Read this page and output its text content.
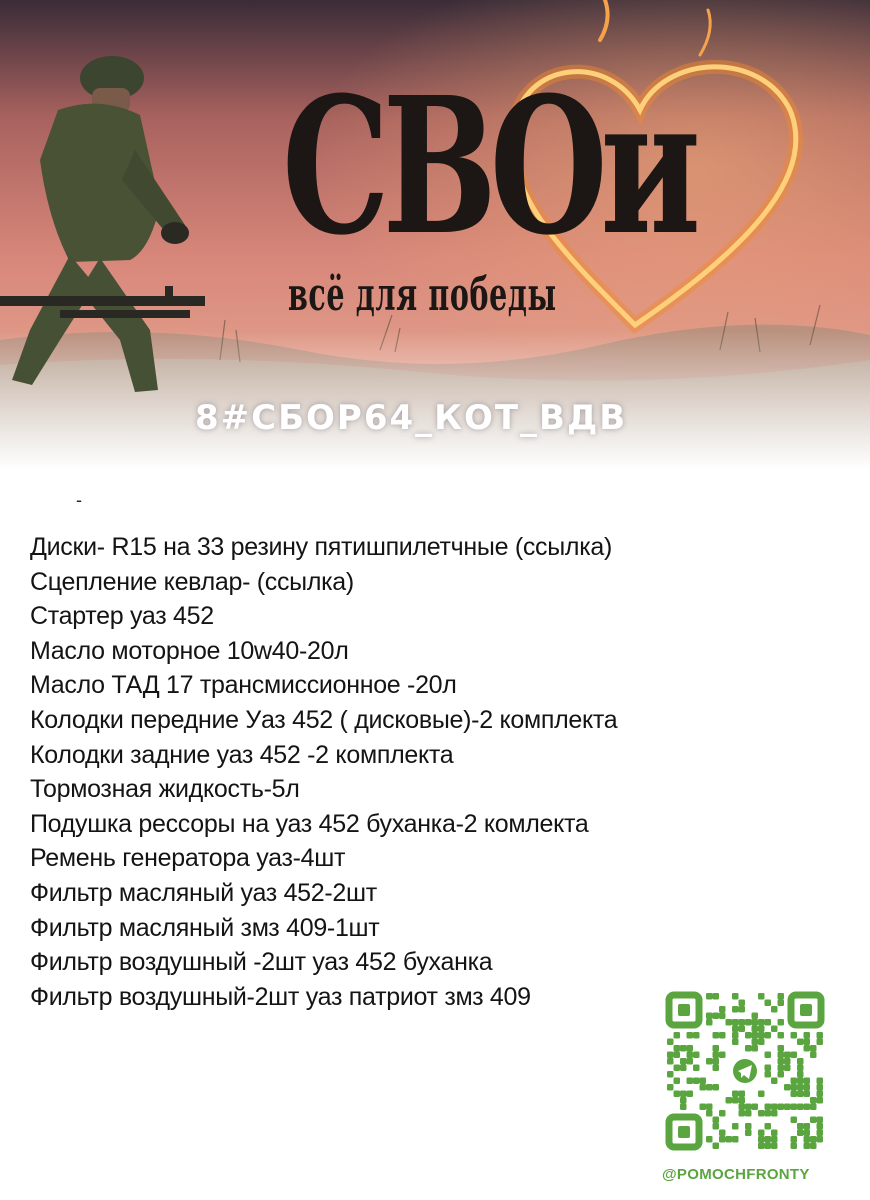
СВОи
всё для победы
8#СБОР64_КОТ_ВДВ
-
Диски- R15 на 33 резину пятишпилетчные (ссылка)
Сцепление кевлар- (ссылка)
Стартер уаз 452
Масло моторное 10w40-20л
Масло ТАД 17 трансмиссионное -20л
Колодки передние Уаз 452 ( дисковые)-2 комплекта
Колодки задние уаз 452 -2 комплекта
Тормозная жидкость-5л
Подушка рессоры на уаз 452 буханка-2 комлекта
Ремень генератора уаз-4шт
Фильтр масляный уаз 452-2шт
Фильтр масляный змз 409-1шт
Фильтр воздушный -2шт уаз 452 буханка
Фильтр воздушный-2шт уаз патриот змз 409
@POMOCHFRONTY
